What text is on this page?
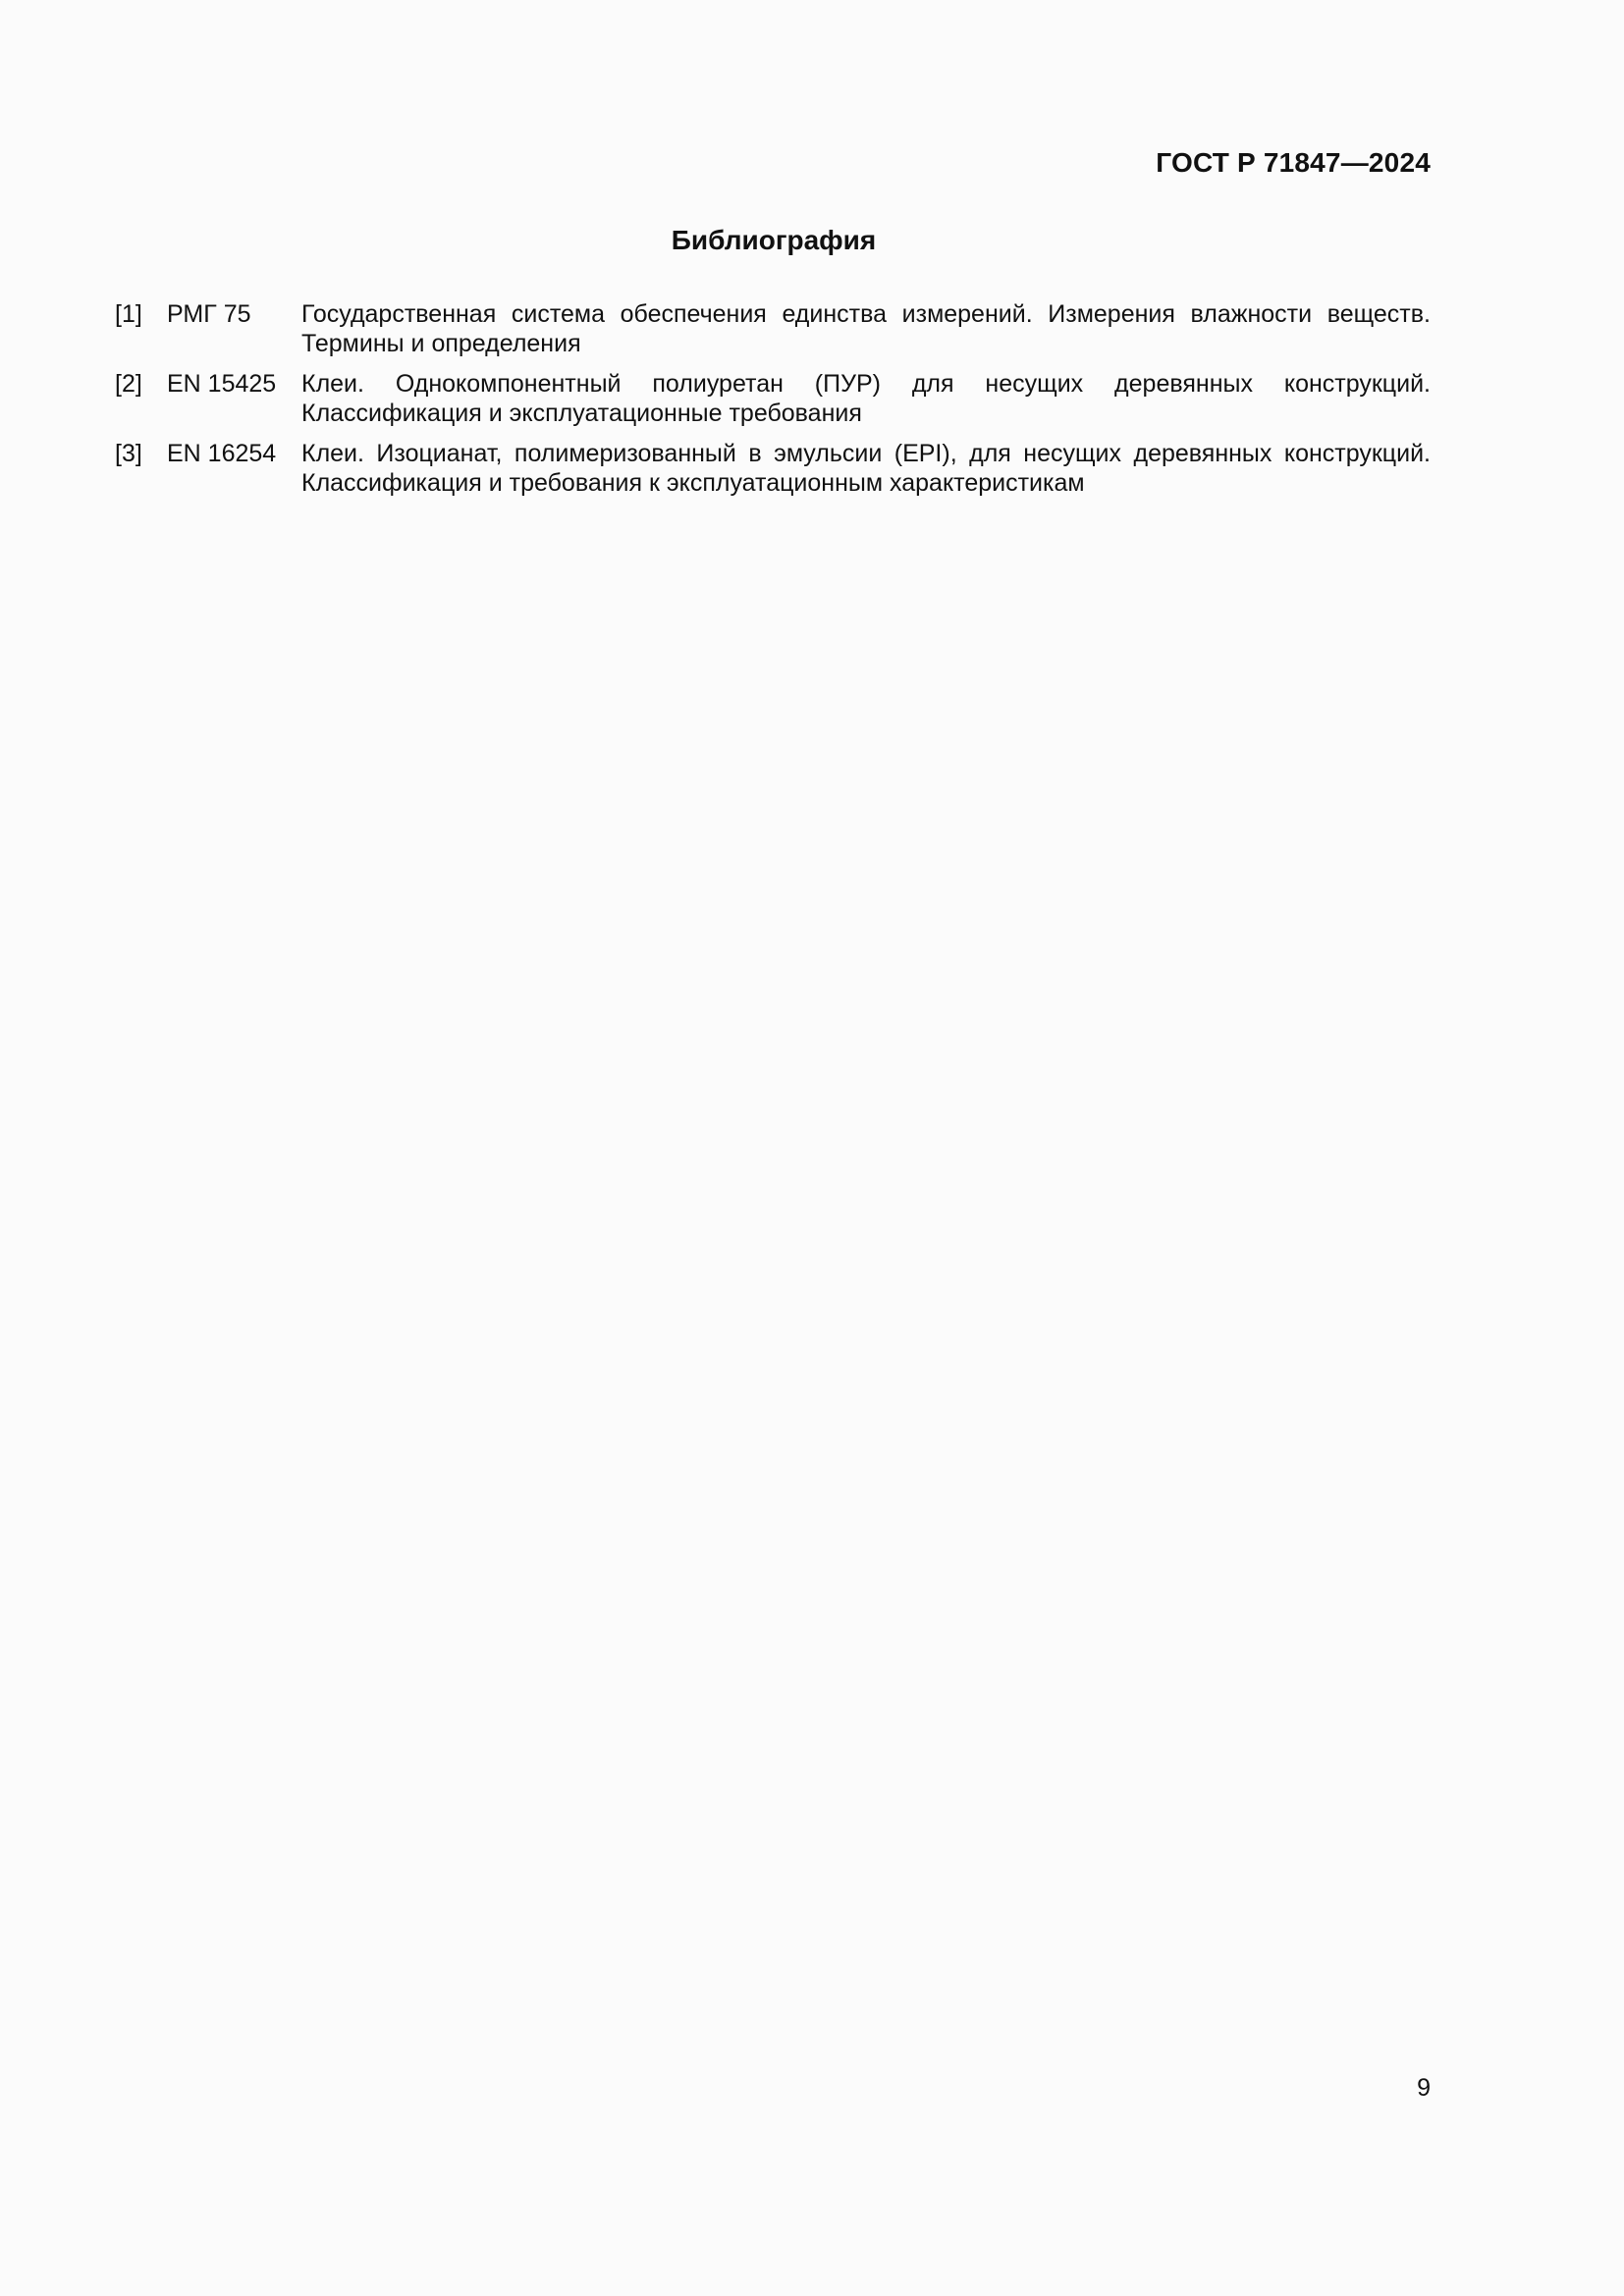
ГОСТ Р 71847—2024
Библиография
[1]	РМГ 75	Государственная система обеспечения единства измерений. Измерения влажности веществ. Термины и определения
[2]	EN 15425	Клеи. Однокомпонентный полиуретан (ПУР) для несущих деревянных конструкций. Классификация и эксплуатационные требования
[3]	EN 16254	Клеи. Изоцианат, полимеризованный в эмульсии (EPI), для несущих деревянных конструкций. Классификация и требования к эксплуатационным характеристикам
9
